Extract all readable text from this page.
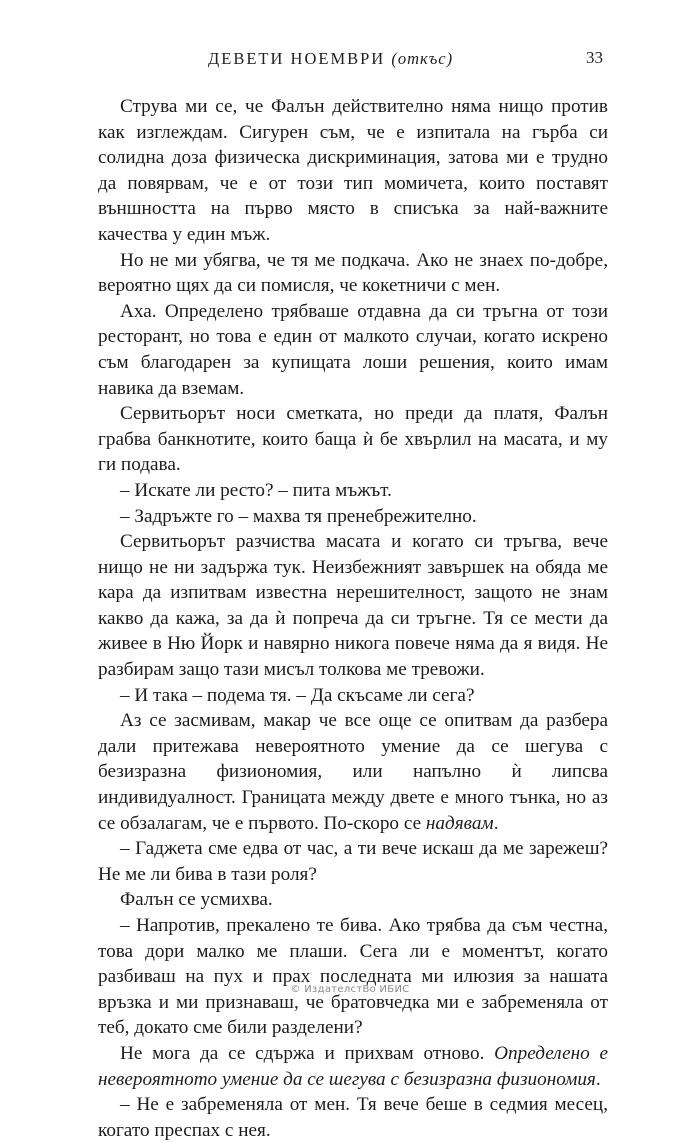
ДЕВЕТИ НОЕМВРИ (откъс)	33

Струва ми се, че Фалън действително няма нищо против как изглеждам. Сигурен съм, че е изпитала на гърба си солидна доза физическа дискриминация, затова ми е трудно да повярвам, че е от този тип момичета, които поставят външността на първо място в списъка за най-важните качества у един мъж.

Но не ми убягва, че тя ме подкача. Ако не знаех по-добре, вероятно щях да си помисля, че кокетничи с мен.

Аха. Определено трябваше отдавна да си тръгна от този ресторант, но това е един от малкото случаи, когато искрено съм благодарен за купищата лоши решения, които имам навика да вземам.

Сервитьорът носи сметката, но преди да платя, Фалън грабва банкнотите, които баща ѝ бе хвърлил на масата, и му ги подава.

– Искате ли ресто? – пита мъжът.

– Задръжте го – махва тя пренебрежително.

Сервитьорът разчиства масата и когато си тръгва, вече нищо не ни задържа тук. Неизбежният завършек на обяда ме кара да изпитвам известна нерешителност, защото не знам какво да кажа, за да ѝ попреча да си тръгне. Тя се мести да живее в Ню Йорк и навярно никога повече няма да я видя. Не разбирам защо тази мисъл толкова ме тревожи.

– И така – подема тя. – Да скъсаме ли сега?

Аз се засмивам, макар че все още се опитвам да разбера дали притежава невероятното умение да се шегува с безизразна физиономия, или напълно ѝ липсва индивидуалност. Границата между двете е много тънка, но аз се обзалагам, че е първото. По-скоро се надявам.

– Гаджета сме едва от час, а ти вече искаш да ме зарежеш? Не ме ли бива в тази роля?

Фалън се усмихва.

– Напротив, прекалено те бива. Ако трябва да съм честна, това дори малко ме плаши. Сега ли е моментът, когато разбиваш на пух и прах последната ми илюзия за нашата връзка и ми признаваш, че братовчедка ми е забременяла от теб, докато сме били разделени?

Не мога да се сдържа и прихвам отново. Определено е невероятното умение да се шегува с безизразна физиономия.

– Не е забременяла от мен. Тя вече беше в седмия месец, когато преспах с нея.

© ИздателстВо ИБИС
